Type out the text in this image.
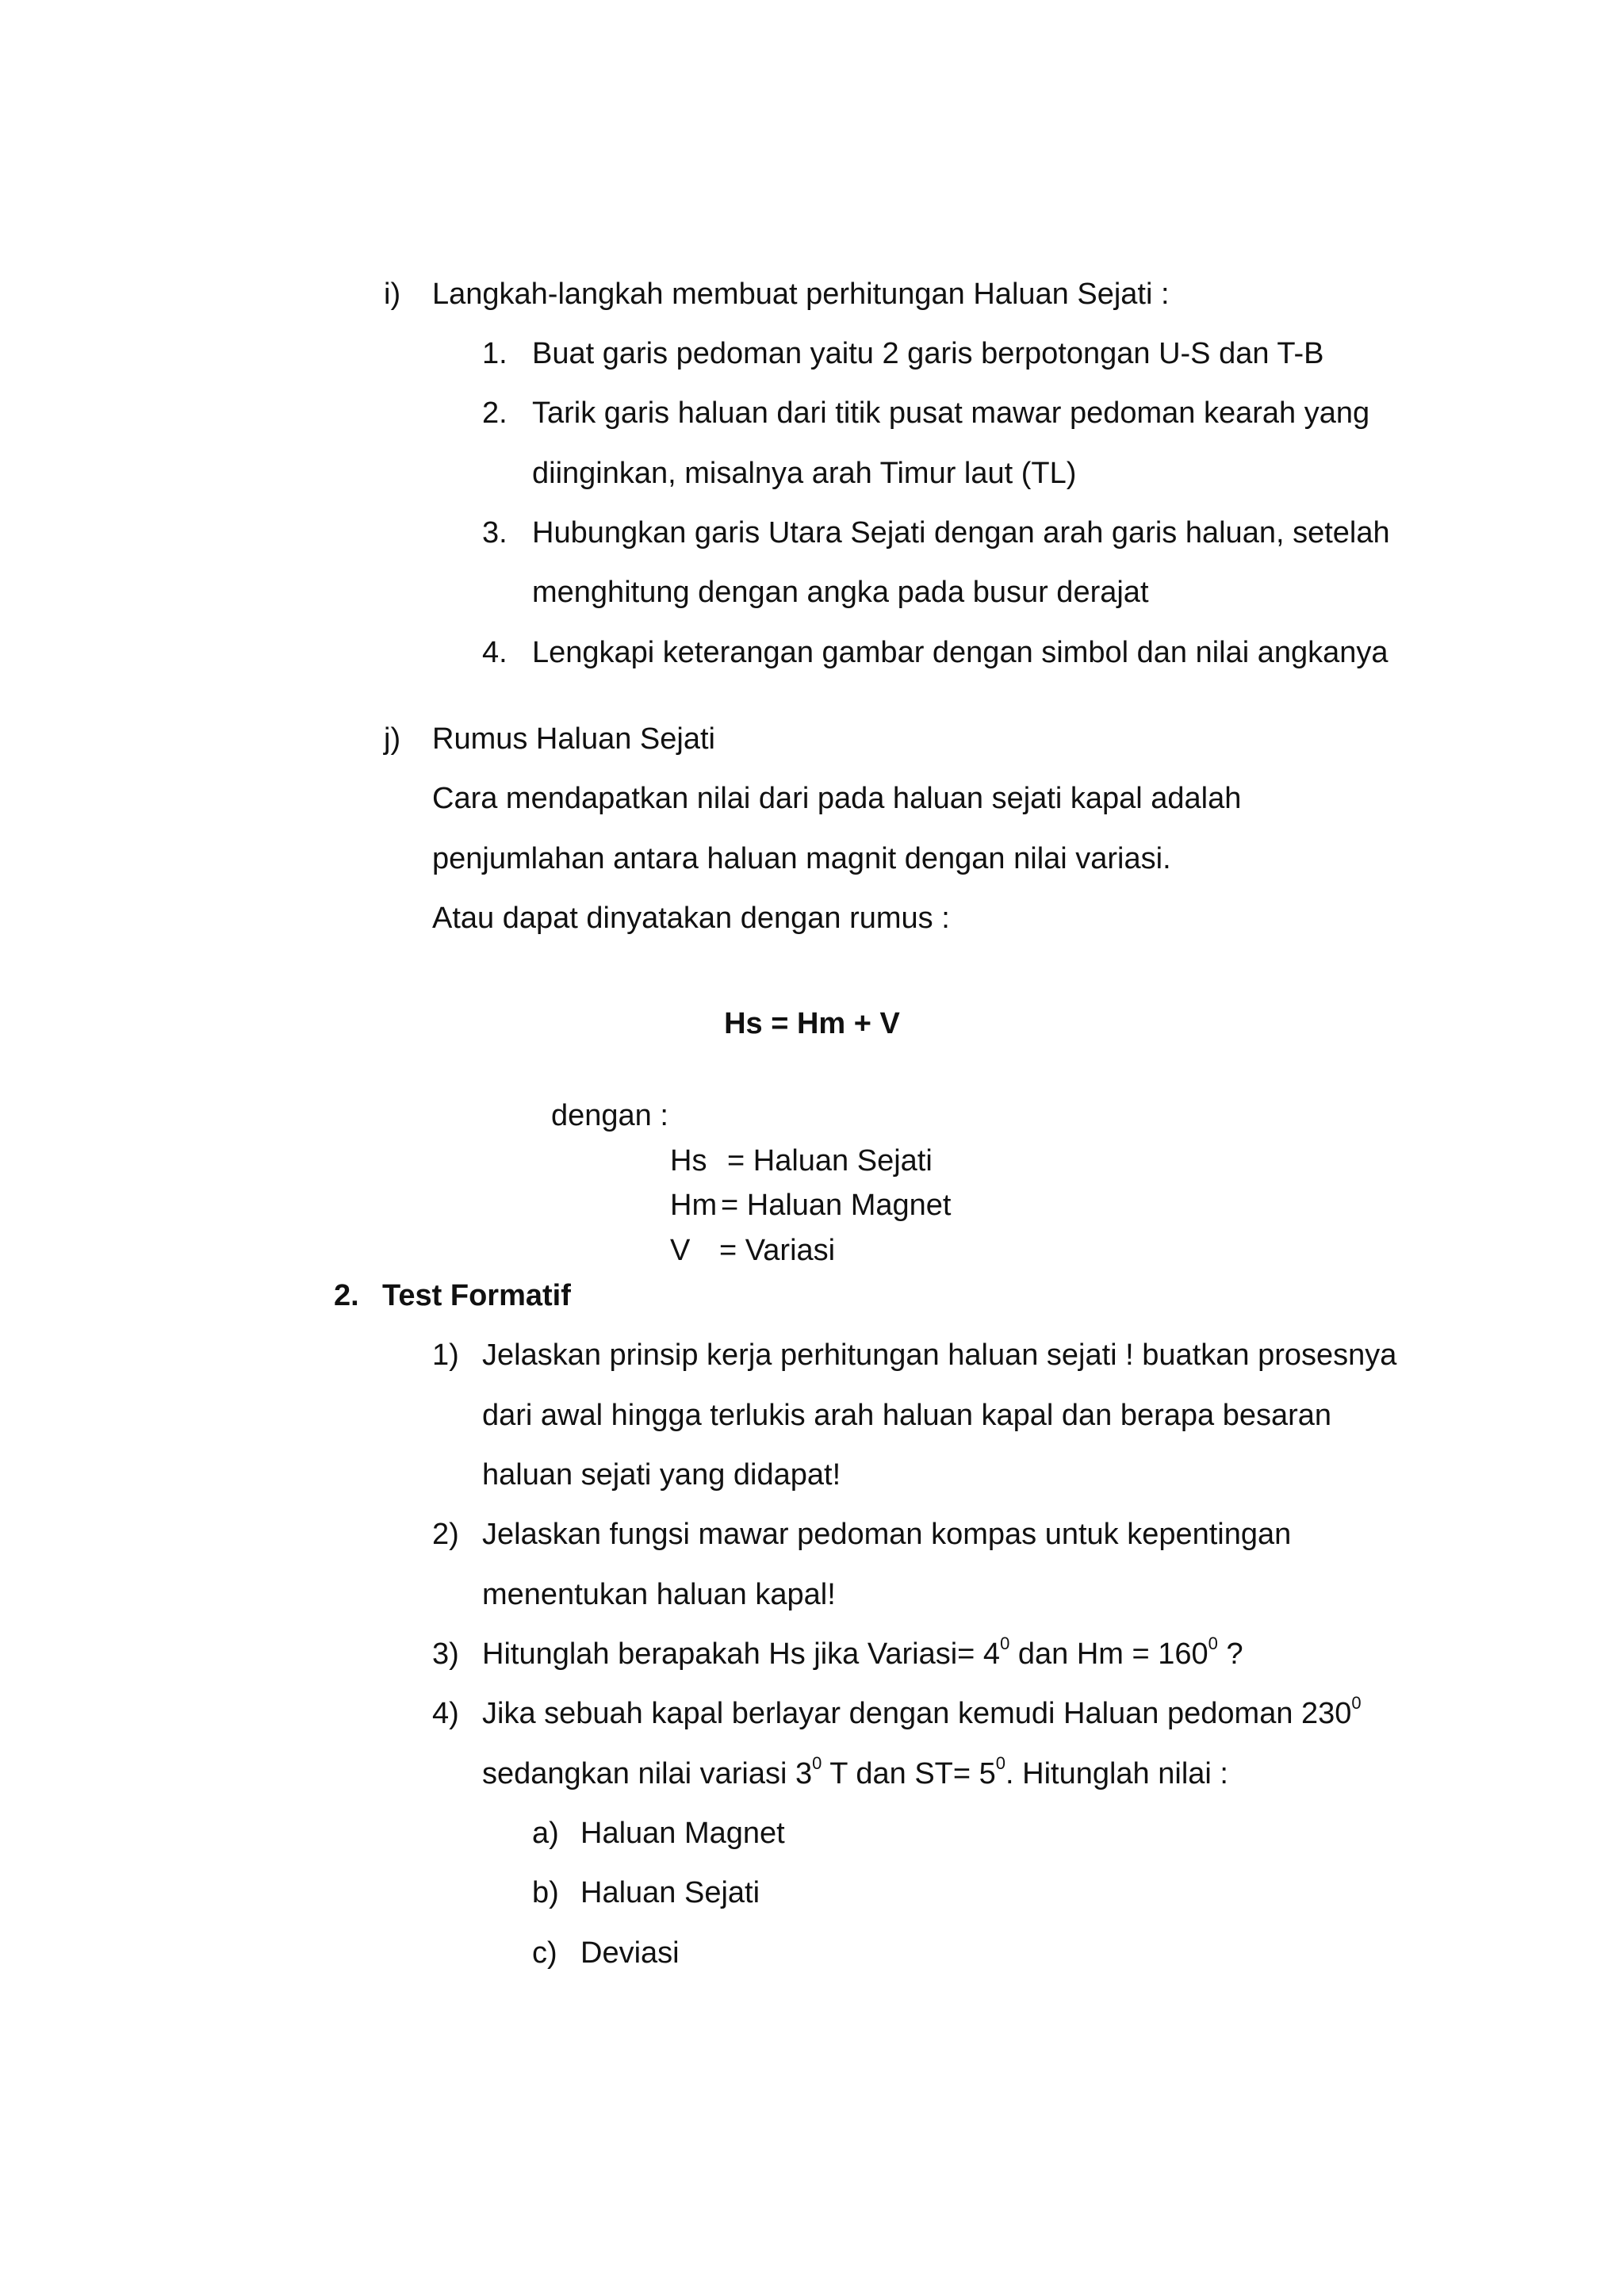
i) Langkah-langkah membuat perhitungan Haluan Sejati :
1. Buat garis pedoman yaitu 2 garis berpotongan U-S dan T-B
2. Tarik garis haluan dari titik pusat mawar pedoman kearah yang
diinginkan, misalnya arah Timur laut (TL)
3. Hubungkan garis Utara Sejati dengan arah garis haluan, setelah
menghitung dengan angka pada busur derajat
4. Lengkapi keterangan gambar dengan simbol dan nilai angkanya
j) Rumus Haluan Sejati
Cara mendapatkan nilai dari pada haluan sejati kapal adalah
penjumlahan antara haluan magnit dengan nilai variasi.
Atau dapat dinyatakan dengan rumus :
Hs = Hm + V
dengan :
Hs = Haluan Sejati
Hm = Haluan Magnet
V = Variasi
2. Test Formatif
1) Jelaskan prinsip kerja perhitungan haluan sejati ! buatkan prosesnya
dari awal hingga terlukis arah haluan kapal dan berapa besaran
haluan sejati yang didapat!
2) Jelaskan fungsi mawar pedoman kompas untuk kepentingan
menentukan haluan kapal!
3) Hitunglah berapakah Hs jika Variasi= $4^0$ dan $Hm = 160^0$ ?
4) Jika sebuah kapal berlayar dengan kemudi Haluan pedoman $230^0$
sedangkan nilai variasi $3^0$ T dan $ST= 5^0$. Hitunglah nilai :
a) Haluan Magnet
b) Haluan Sejati
c) Deviasi
